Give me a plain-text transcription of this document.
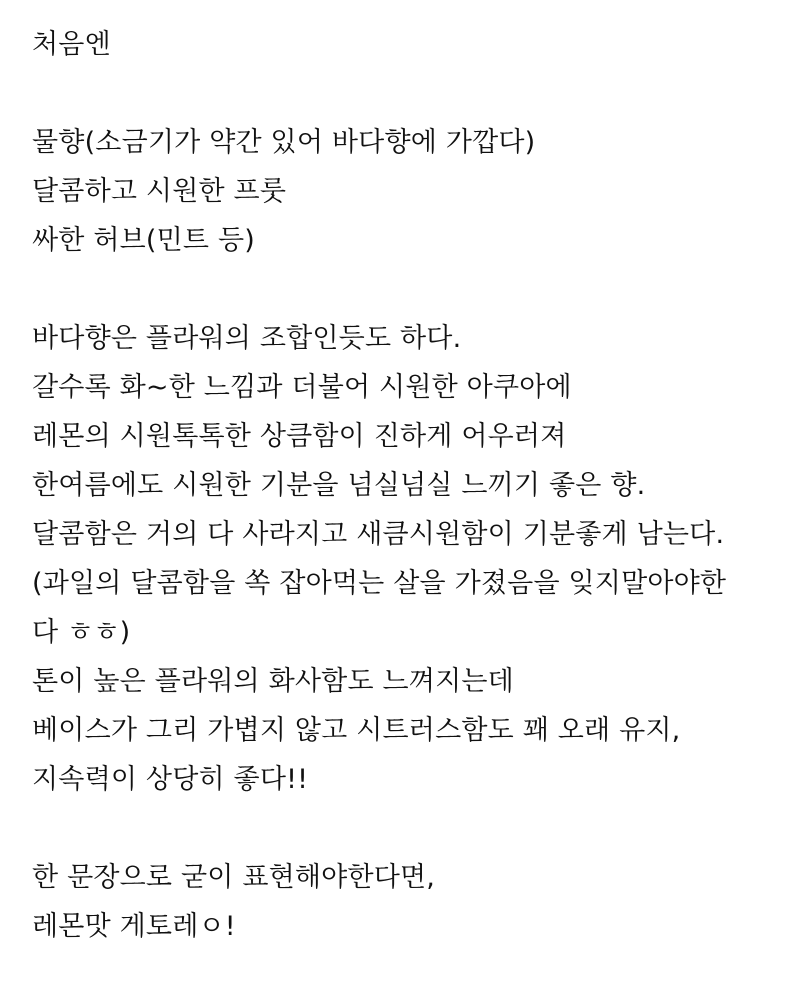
처음엔
물향(소금기가 약간 있어 바다향에 가깝다)
달콤하고 시원한 프룻
싸한 허브(민트 등)
바다향은 플라워의 조합인듯도 하다.
갈수록 화~한 느낌과 더불어 시원한 아쿠아에
레몬의 시원톡톡한 상큼함이 진하게 어우러져
한여름에도 시원한 기분을 넘실넘실 느끼기 좋은 향.
달콤함은 거의 다 사라지고 새큼시원함이 기분좋게 남는다.
(과일의 달콤함을 쏙 잡아먹는 살을 가졌음을 잊지말아야한
다 ㅎㅎ)
톤이 높은 플라워의 화사함도 느껴지는데
베이스가 그리 가볍지 않고 시트러스함도 꽤 오래 유지,
지속력이 상당히 좋다!!
한 문장으로 굳이 표현해야한다면,
레몬맛 게토레ㅇ!
